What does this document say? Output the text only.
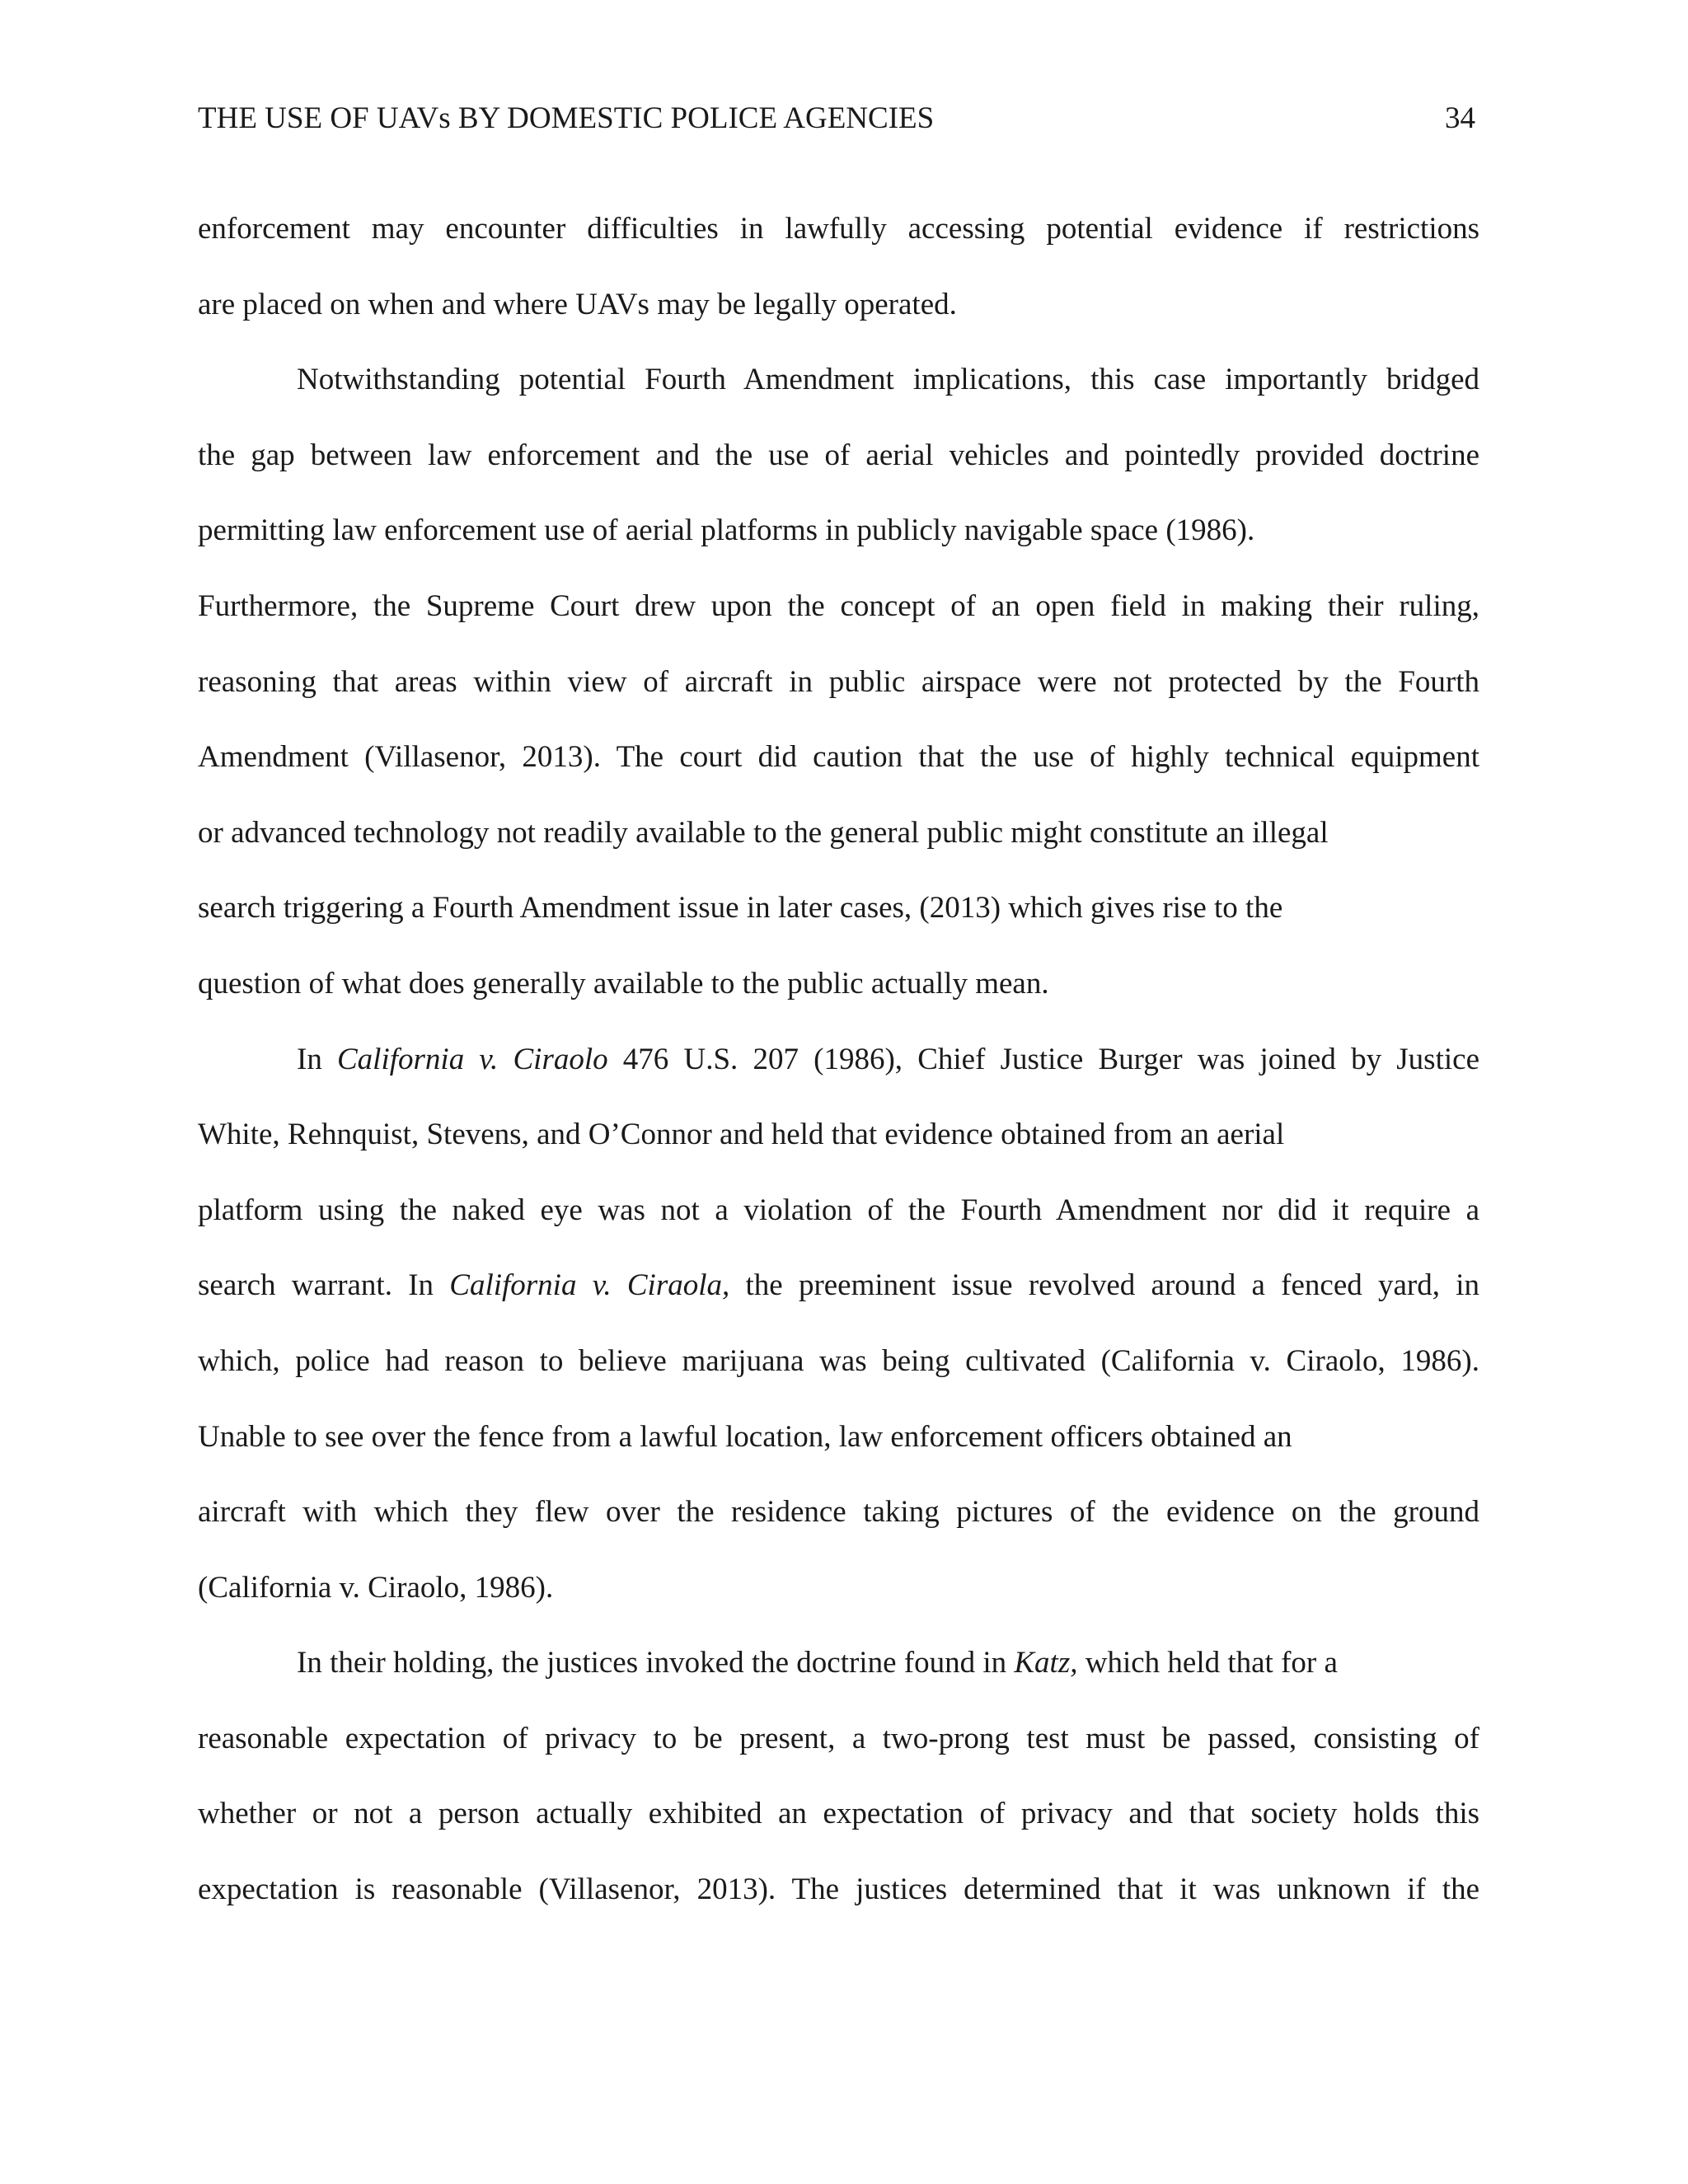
THE USE OF UAVs BY DOMESTIC POLICE AGENCIES	34
enforcement may encounter difficulties in lawfully accessing potential evidence if restrictions
are placed on when and where UAVs may be legally operated.
Notwithstanding potential Fourth Amendment implications, this case importantly bridged
the gap between law enforcement and the use of aerial vehicles and pointedly provided doctrine
permitting law enforcement use of aerial platforms in publicly navigable space (1986).
Furthermore, the Supreme Court drew upon the concept of an open field in making their ruling,
reasoning that areas within view of aircraft in public airspace were not protected by the Fourth
Amendment (Villasenor, 2013). The court did caution that the use of highly technical equipment
or advanced technology not readily available to the general public might constitute an illegal
search triggering a Fourth Amendment issue in later cases, (2013) which gives rise to the
question of what does generally available to the public actually mean.
In California v. Ciraolo 476 U.S. 207 (1986), Chief Justice Burger was joined by Justice
White, Rehnquist, Stevens, and O’Connor and held that evidence obtained from an aerial
platform using the naked eye was not a violation of the Fourth Amendment nor did it require a
search warrant. In California v. Ciraola, the preeminent issue revolved around a fenced yard, in
which, police had reason to believe marijuana was being cultivated (California v. Ciraolo, 1986).
Unable to see over the fence from a lawful location, law enforcement officers obtained an
aircraft with which they flew over the residence taking pictures of the evidence on the ground
(California v. Ciraolo, 1986).
In their holding, the justices invoked the doctrine found in Katz, which held that for a
reasonable expectation of privacy to be present, a two-prong test must be passed, consisting of
whether or not a person actually exhibited an expectation of privacy and that society holds this
expectation is reasonable (Villasenor, 2013). The justices determined that it was unknown if the
